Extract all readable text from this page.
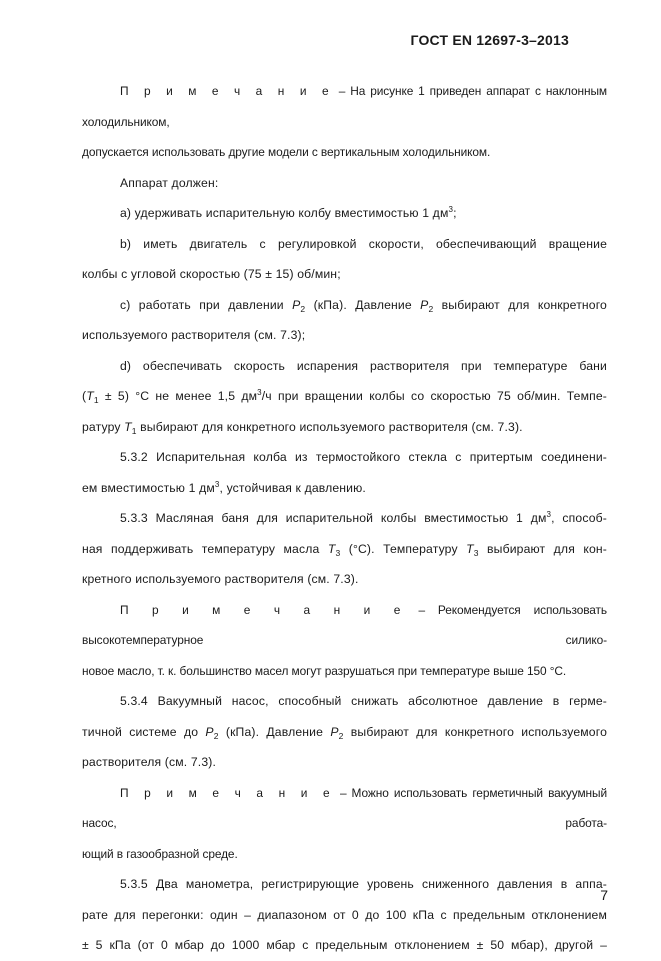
ГОСТ EN 12697-3–2013

П р и м е ч а н и е – На рисунке 1 приведен аппарат с наклонным холодильником,

допускается использовать другие модели с вертикальным холодильником.

Аппарат должен:

а) удерживать испарительную колбу вместимостью 1 $дм^3$;

b) иметь двигатель с регулировкой скорости, обеспечивающий вращение

колбы с угловой скоростью (75 ± 15) об/мин;

c) работать при давлении $P_2$ (кПа). Давление $P_2$ выбирают для конкретного

используемого растворителя (см. 7.3);

d) обеспечивать скорость испарения растворителя при температуре бани

$(T_1 \pm 5)$ °С не менее 1,5 $дм^3/ч$ при вращении колбы со скоростью 75 об/мин. Темпе-

ратуру $T_1$ выбирают для конкретного используемого растворителя (см. 7.3).

5.3.2 Испарительная колба из термостойкого стекла с притертым соединени-

ем вместимостью 1 $дм^3$, устойчивая к давлению.

5.3.3 Масляная баня для испарительной колбы вместимостью 1 $дм^3$, способ-

ная поддерживать температуру масла $T_3$ (°С). Температуру $T_3$ выбирают для кон-

кретного используемого растворителя (см. 7.3).

П р и м е ч а н и е – Рекомендуется использовать высокотемпературное силико-

новое масло, т. к. большинство масел могут разрушаться при температуре выше 150 °С.

5.3.4 Вакуумный насос, способный снижать абсолютное давление в герме-

тичной системе до $P_2$ (кПа). Давление $P_2$ выбирают для конкретного используемого

растворителя (см. 7.3).

П р и м е ч а н и е – Можно использовать герметичный вакуумный насос, работа-

ющий в газообразной среде.

5.3.5 Два манометра, регистрирующие уровень сниженного давления в аппа-

рате для перегонки: один – диапазоном от 0 до 100 кПа с предельным отклонением

± 5 кПа (от 0 мбар до 1000 мбар с предельным отклонением ± 50 мбар), другой –

7
